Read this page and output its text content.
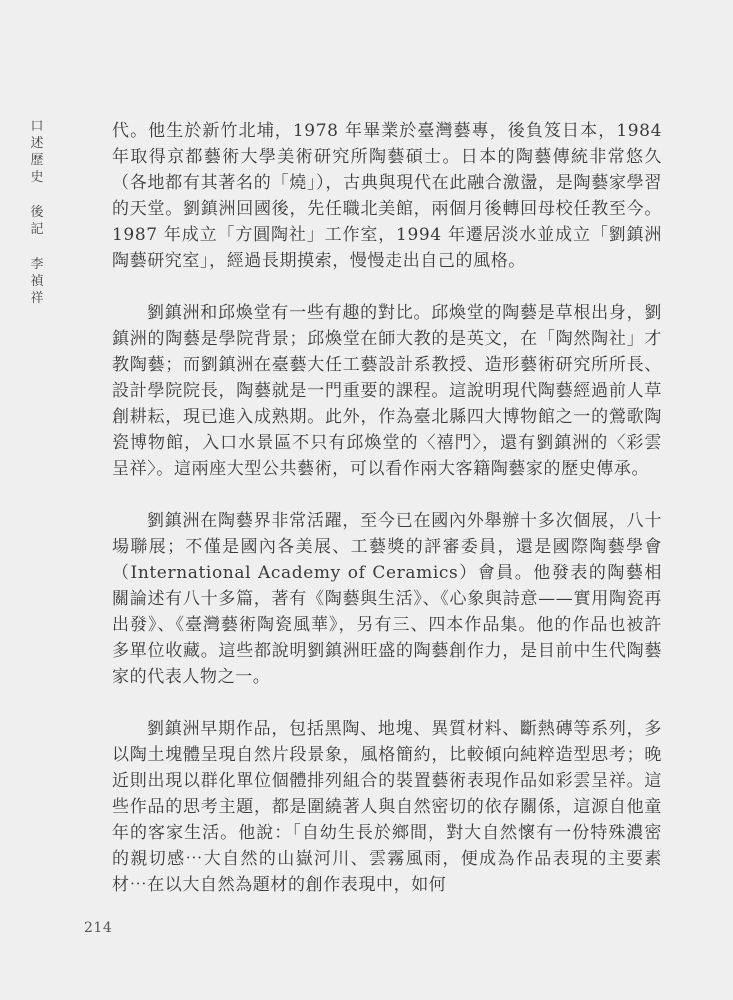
口
述
歷
史
後
記
李
禎
祥

代。他生於新竹北埔，1978 年畢業於臺灣藝專，後負笈日本，1984 年取得京都藝術大學美術研究所陶藝碩士。日本的陶藝傳統非常悠久（各地都有其著名的「燒」），古典與現代在此融合激盪，是陶藝家學習的天堂。劉鎮洲回國後，先任職北美館，兩個月後轉回母校任教至今。1987 年成立「方圓陶社」工作室，1994 年遷居淡水並成立「劉鎮洲陶藝研究室」，經過長期摸索，慢慢走出自己的風格。

劉鎮洲和邱煥堂有一些有趣的對比。邱煥堂的陶藝是草根出身，劉鎮洲的陶藝是學院背景；邱煥堂在師大教的是英文，在「陶然陶社」才教陶藝；而劉鎮洲在臺藝大任工藝設計系教授、造形藝術研究所所長、設計學院院長，陶藝就是一門重要的課程。這說明現代陶藝經過前人草創耕耘，現已進入成熟期。此外，作為臺北縣四大博物館之一的鶯歌陶瓷博物館，入口水景區不只有邱煥堂的〈禧門〉，還有劉鎮洲的〈彩雲呈祥〉。這兩座大型公共藝術，可以看作兩大客籍陶藝家的歷史傳承。

劉鎮洲在陶藝界非常活躍，至今已在國內外舉辦十多次個展，八十場聯展；不僅是國內各美展、工藝獎的評審委員，還是國際陶藝學會（International Academy of Ceramics）會員。他發表的陶藝相關論述有八十多篇，著有《陶藝與生活》、《心象與詩意——實用陶瓷再出發》、《臺灣藝術陶瓷風華》，另有三、四本作品集。他的作品也被許多單位收藏。這些都說明劉鎮洲旺盛的陶藝創作力，是目前中生代陶藝家的代表人物之一。

劉鎮洲早期作品，包括黑陶、地塊、異質材料、斷熱磚等系列，多以陶土塊體呈現自然片段景象，風格簡約，比較傾向純粹造型思考；晚近則出現以群化單位個體排列組合的裝置藝術表現作品如彩雲呈祥。這些作品的思考主題，都是圍繞著人與自然密切的依存關係，這源自他童年的客家生活。他說：「自幼生長於鄉間，對大自然懷有一份特殊濃密的親切感⋯大自然的山嶽河川、雲霧風雨，便成為作品表現的主要素材⋯在以大自然為題材的創作表現中，如何

214
